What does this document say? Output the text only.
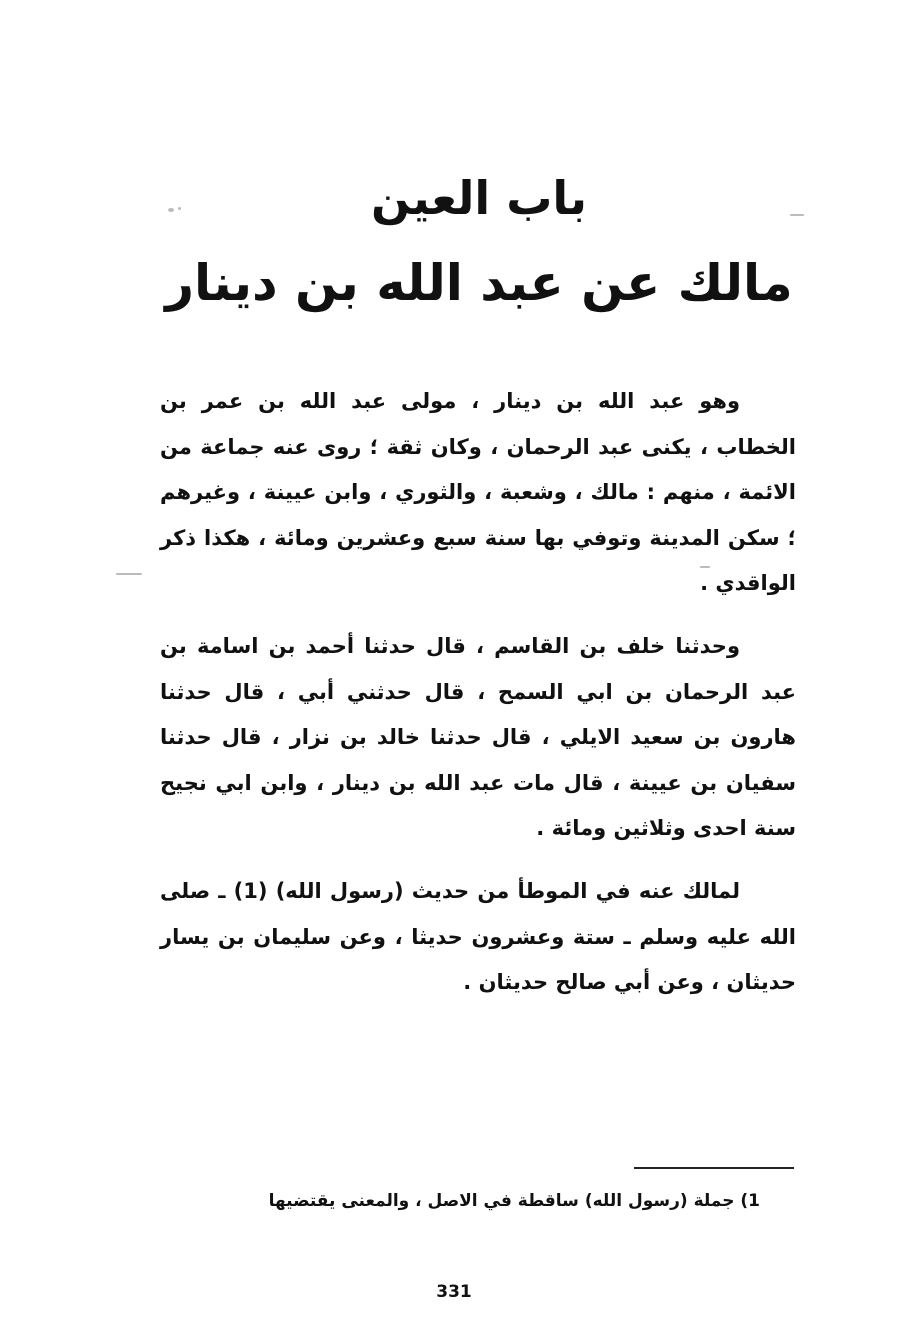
باب العين
مالك عن عبد الله بن دينار

وهو عبد الله بن دينار ، مولى عبد الله بن عمر بن الخطاب ، يكنى عبد الرحمان ، وكان ثقة ؛ روى عنه جماعة من الائمة ، منهم : مالك ، وشعبة ، والثوري ، وابن عيينة ، وغيرهم ؛ سكن المدينة وتوفي بها سنة سبع وعشرين ومائة ، هكذا ذكر الواقدي .

وحدثنا خلف بن القاسم ، قال حدثنا أحمد بن اسامة بن عبد الرحمان بن ابي السمح ، قال حدثني أبي ، قال حدثنا هارون بن سعيد الايلي ، قال حدثنا خالد بن نزار ، قال حدثنا سفيان بن عيينة ، قال مات عبد الله بن دينار ، وابن ابي نجيح سنة احدى وثلاثين ومائة .

لمالك عنه في الموطأ من حديث (رسول الله) (1) ـ صلى الله عليه وسلم ـ ستة وعشرون حديثا ، وعن سليمان بن يسار حديثان ، وعن أبي صالح حديثان .

1) جملة (رسول الله) ساقطة في الاصل ، والمعنى يقتضيها
331
